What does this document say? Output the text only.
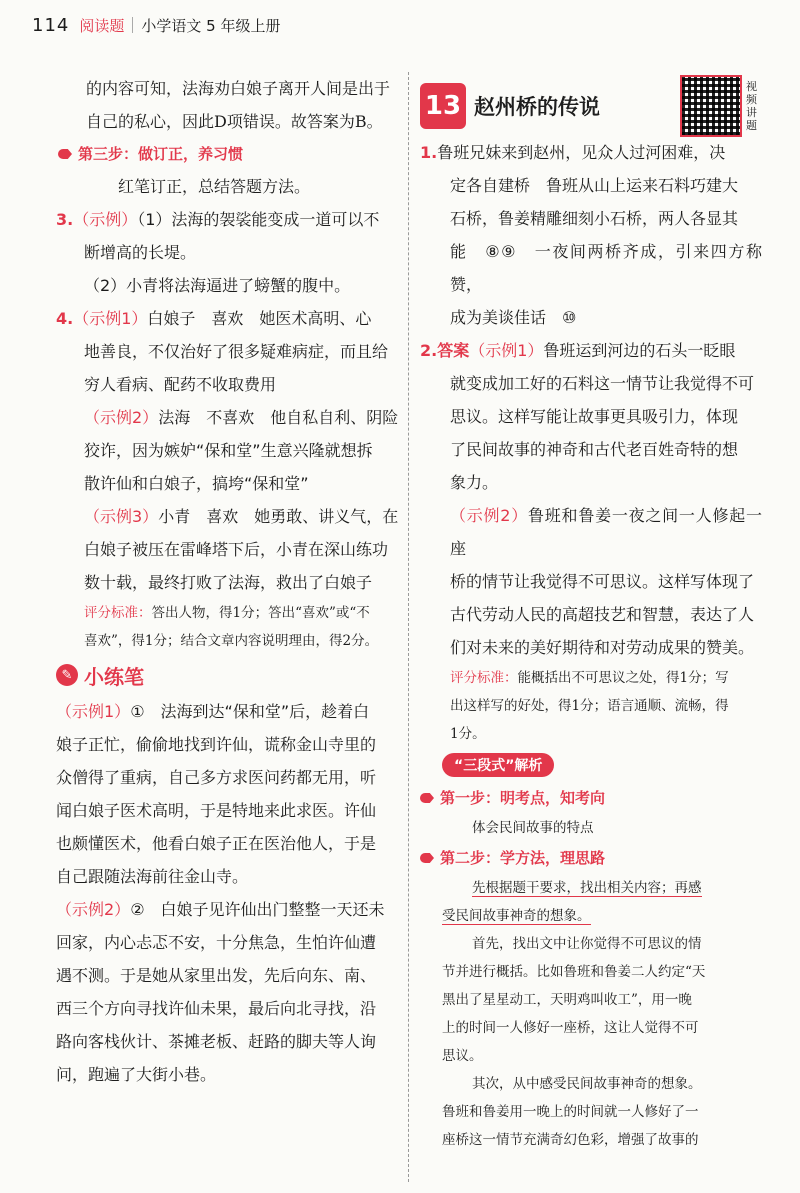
114 阅读题 小学语文 5 年级上册

的内容可知，法海劝白娘子离开人间是出于

自己的私心，因此D项错误。故答案为B。

第三步：做订正，养习惯

红笔订正，总结答题方法。

3.（示例）（1）法海的袈裟能变成一道可以不

断增高的长堤。

（2）小青将法海逼进了螃蟹的腹中。

4.（示例1）白娘子　喜欢　她医术高明、心

地善良，不仅治好了很多疑难病症，而且给

穷人看病、配药不收取费用

（示例2）法海　不喜欢　他自私自利、阴险

狡诈，因为嫉妒“保和堂”生意兴隆就想拆

散许仙和白娘子，搞垮“保和堂”

（示例3）小青　喜欢　她勇敢、讲义气，在

白娘子被压在雷峰塔下后，小青在深山练功

数十载，最终打败了法海，救出了白娘子

评分标准：答出人物，得1分；答出“喜欢”或“不

喜欢”，得1分；结合文章内容说明理由，得2分。

✎ 小练笔

（示例1）①　法海到达“保和堂”后，趁着白

娘子正忙，偷偷地找到许仙，谎称金山寺里的

众僧得了重病，自己多方求医问药都无用，听

闻白娘子医术高明，于是特地来此求医。许仙

也颇懂医术，他看白娘子正在医治他人，于是

自己跟随法海前往金山寺。

（示例2）②　白娘子见许仙出门整整一天还未

回家，内心忐忑不安，十分焦急，生怕许仙遭

遇不测。于是她从家里出发，先后向东、南、

西三个方向寻找许仙未果，最后向北寻找，沿

路向客栈伙计、茶摊老板、赶路的脚夫等人询

问，跑遍了大街小巷。

13 赵州桥的传说
视频讲题

1.鲁班兄妹来到赵州，见众人过河困难，决

定各自建桥　鲁班从山上运来石料巧建大

石桥，鲁姜精雕细刻小石桥，两人各显其

能　⑧⑨　一夜间两桥齐成，引来四方称赞，

成为美谈佳话　⑩

2.答案（示例1）鲁班运到河边的石头一眨眼

就变成加工好的石料这一情节让我觉得不可

思议。这样写能让故事更具吸引力，体现

了民间故事的神奇和古代老百姓奇特的想

象力。

（示例2）鲁班和鲁姜一夜之间一人修起一座

桥的情节让我觉得不可思议。这样写体现了

古代劳动人民的高超技艺和智慧，表达了人

们对未来的美好期待和对劳动成果的赞美。

评分标准：能概括出不可思议之处，得1分；写

出这样写的好处，得1分；语言通顺、流畅，得

1分。

“三段式”解析
第一步：明考点，知考向

体会民间故事的特点

第二步：学方法，理思路

先根据题干要求，找出相关内容；再感

受民间故事神奇的想象。

首先，找出文中让你觉得不可思议的情

节并进行概括。比如鲁班和鲁姜二人约定“天

黑出了星星动工，天明鸡叫收工”，用一晚

上的时间一人修好一座桥，这让人觉得不可

思议。

其次，从中感受民间故事神奇的想象。

鲁班和鲁姜用一晚上的时间就一人修好了一

座桥这一情节充满奇幻色彩，增强了故事的
